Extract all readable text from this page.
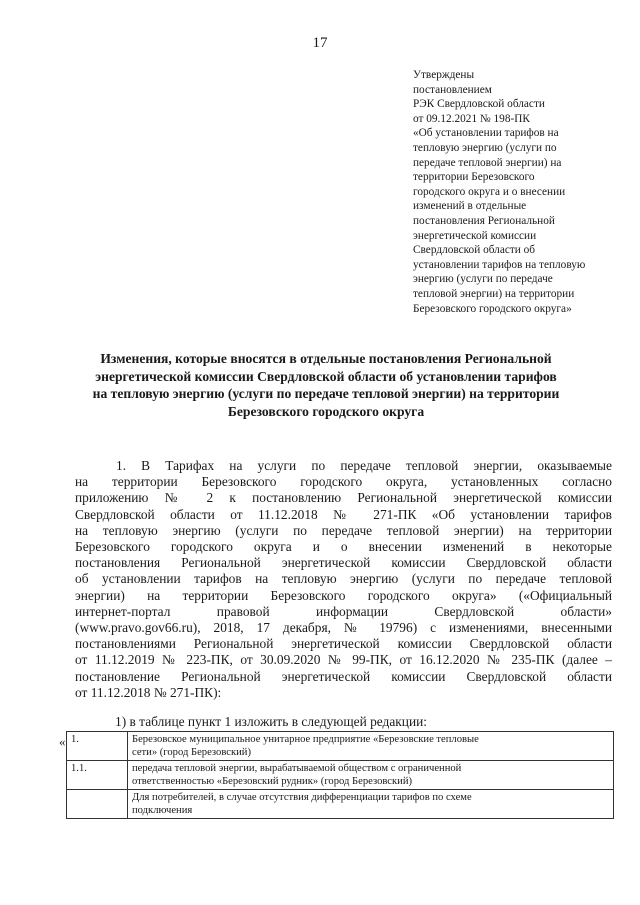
17
Утверждены
постановлением
РЭК Свердловской области
от 09.12.2021 № 198-ПК
«Об установлении тарифов на
тепловую энергию (услуги по
передаче тепловой энергии) на
территории Березовского
городского округа и о внесении
изменений в отдельные
постановления Региональной
энергетической комиссии
Свердловской области об
установлении тарифов на тепловую
энергию (услуги по передаче
тепловой энергии) на территории
Березовского городского округа»
Изменения, которые вносятся в отдельные постановления Региональной
энергетической комиссии Свердловской области об установлении тарифов
на тепловую энергию (услуги по передаче тепловой энергии) на территории
Березовского городского округа
1. В Тарифах на услуги по передаче тепловой энергии, оказываемые
на территории Березовского городского округа, установленных согласно
приложению № 2 к постановлению Региональной энергетической комиссии
Свердловской области от 11.12.2018 № 271-ПК «Об установлении тарифов
на тепловую энергию (услуги по передаче тепловой энергии) на территории
Березовского городского округа и о внесении изменений в некоторые
постановления Региональной энергетической комиссии Свердловской области
об установлении тарифов на тепловую энергию (услуги по передаче тепловой
энергии) на территории Березовского городского округа» («Официальный
интернет-портал правовой информации Свердловской области»
(www.pravo.gov66.ru), 2018, 17 декабря, № 19796) с изменениями, внесенными
постановлениями Региональной энергетической комиссии Свердловской области
от 11.12.2019 № 223-ПК, от 30.09.2020 № 99-ПК, от 16.12.2020 № 235-ПК (далее –
постановление Региональной энергетической комиссии Свердловской области
от 11.12.2018 № 271-ПК):
1) в таблице пункт 1 изложить в следующей редакции:
« 1.	Березовское муниципальное унитарное предприятие «Березовские тепловые
сети» (город Березовский)

1.1.	передача тепловой энергии, вырабатываемой обществом с ограниченной
ответственностью «Березовский рудник» (город Березовский)

	Для потребителей, в случае отсутствия дифференциации тарифов по схеме
подключения
